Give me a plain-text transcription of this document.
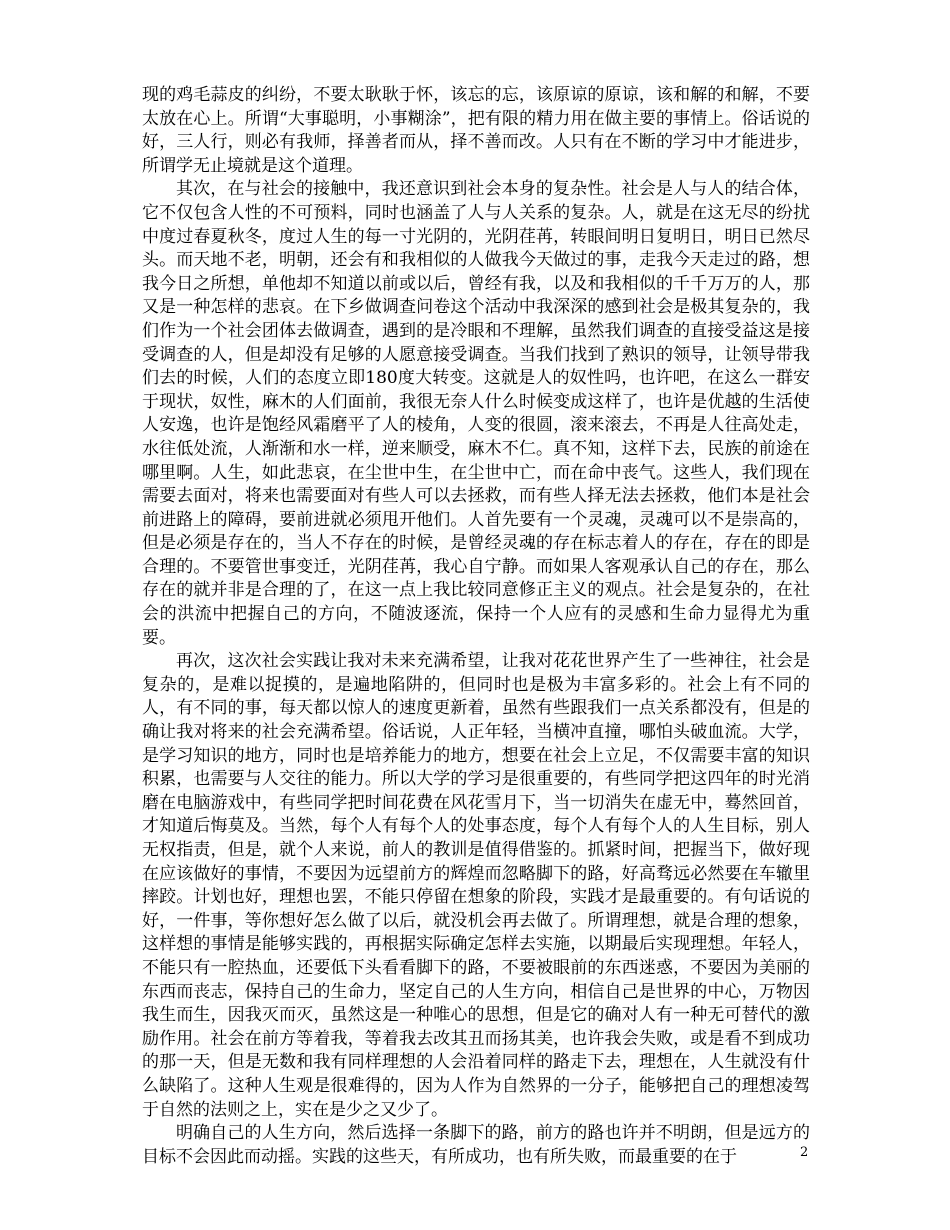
现的鸡毛蒜皮的纠纷，不要太耿耿于怀，该忘的忘，该原谅的原谅，该和解的和解，不要太放在心上。所谓“大事聪明，小事糊涂”，把有限的精力用在做主要的事情上。俗话说的好，三人行，则必有我师，择善者而从，择不善而改。人只有在不断的学习中才能进步，所谓学无止境就是这个道理。

其次，在与社会的接触中，我还意识到社会本身的复杂性。社会是人与人的结合体，它不仅包含人性的不可预料，同时也涵盖了人与人关系的复杂。人，就是在这无尽的纷扰中度过春夏秋冬，度过人生的每一寸光阴的，光阴荏苒，转眼间明日复明日，明日已然尽头。而天地不老，明朝，还会有和我相似的人做我今天做过的事，走我今天走过的路，想我今日之所想，单他却不知道以前或以后，曾经有我，以及和我相似的千千万万的人，那又是一种怎样的悲哀。在下乡做调查问卷这个活动中我深深的感到社会是极其复杂的，我们作为一个社会团体去做调查，遇到的是冷眼和不理解，虽然我们调查的直接受益这是接受调查的人，但是却没有足够的人愿意接受调查。当我们找到了熟识的领导，让领导带我们去的时候，人们的态度立即180度大转变。这就是人的奴性吗，也许吧，在这么一群安于现状，奴性，麻木的人们面前，我很无奈人什么时候变成这样了，也许是优越的生活使人安逸，也许是饱经风霜磨平了人的棱角，人变的很圆，滚来滚去，不再是人往高处走，水往低处流，人渐渐和水一样，逆来顺受，麻木不仁。真不知，这样下去，民族的前途在哪里啊。人生，如此悲哀，在尘世中生，在尘世中亡，而在命中丧气。这些人，我们现在需要去面对，将来也需要面对有些人可以去拯救，而有些人择无法去拯救，他们本是社会前进路上的障碍，要前进就必须甩开他们。人首先要有一个灵魂，灵魂可以不是崇高的，但是必须是存在的，当人不存在的时候，是曾经灵魂的存在标志着人的存在，存在的即是合理的。不要管世事变迁，光阴荏苒，我心自宁静。而如果人客观承认自己的存在，那么存在的就并非是合理的了，在这一点上我比较同意修正主义的观点。社会是复杂的，在社会的洪流中把握自己的方向，不随波逐流，保持一个人应有的灵感和生命力显得尤为重要。

再次，这次社会实践让我对未来充满希望，让我对花花世界产生了一些神往，社会是复杂的，是难以捉摸的，是遍地陷阱的，但同时也是极为丰富多彩的。社会上有不同的人，有不同的事，每天都以惊人的速度更新着，虽然有些跟我们一点关系都没有，但是的确让我对将来的社会充满希望。俗话说，人正年轻，当横冲直撞，哪怕头破血流。大学，是学习知识的地方，同时也是培养能力的地方，想要在社会上立足，不仅需要丰富的知识积累，也需要与人交往的能力。所以大学的学习是很重要的，有些同学把这四年的时光消磨在电脑游戏中，有些同学把时间花费在风花雪月下，当一切消失在虚无中，蓦然回首，才知道后悔莫及。当然，每个人有每个人的处事态度，每个人有每个人的人生目标，别人无权指责，但是，就个人来说，前人的教训是值得借鉴的。抓紧时间，把握当下，做好现在应该做好的事情，不要因为远望前方的辉煌而忽略脚下的路，好高骛远必然要在车辙里摔跤。计划也好，理想也罢，不能只停留在想象的阶段，实践才是最重要的。有句话说的好，一件事，等你想好怎么做了以后，就没机会再去做了。所谓理想，就是合理的想象，这样想的事情是能够实践的，再根据实际确定怎样去实施，以期最后实现理想。年轻人，不能只有一腔热血，还要低下头看看脚下的路，不要被眼前的东西迷惑，不要因为美丽的东西而丧志，保持自己的生命力，坚定自己的人生方向，相信自己是世界的中心，万物因我生而生，因我灭而灭，虽然这是一种唯心的思想，但是它的确对人有一种无可替代的激励作用。社会在前方等着我，等着我去改其丑而扬其美，也许我会失败，或是看不到成功的那一天，但是无数和我有同样理想的人会沿着同样的路走下去，理想在，人生就没有什么缺陷了。这种人生观是很难得的，因为人作为自然界的一分子，能够把自己的理想凌驾于自然的法则之上，实在是少之又少了。

明确自己的人生方向，然后选择一条脚下的路，前方的路也许并不明朗，但是远方的目标不会因此而动摇。实践的这些天，有所成功，也有所失败，而最重要的在于	2
